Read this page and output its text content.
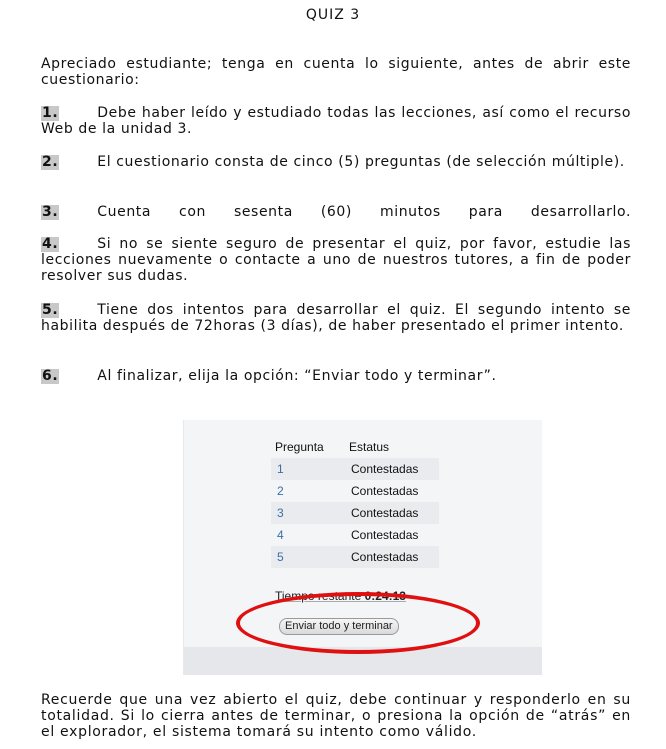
QUIZ 3
Apreciado estudiante; tenga en cuenta lo siguiente, antes de abrir este cuestionario:
1.	Debe haber leído y estudiado todas las lecciones, así como el recurso Web de la unidad 3.
2.	El cuestionario consta de cinco (5) preguntas (de selección múltiple).
3.	Cuenta con sesenta (60) minutos para desarrollarlo.
4.	Si no se siente seguro de presentar el quiz, por favor, estudie las lecciones nuevamente o contacte a uno de nuestros tutores, a fin de poder resolver sus dudas.
5.	Tiene dos intentos para desarrollar el quiz. El segundo intento se habilita después de 72horas (3 días), de haber presentado el primer intento.
6.	Al finalizar, elija la opción: “Enviar todo y terminar”.
Pregunta	Estatus
1	Contestadas
2	Contestadas
3	Contestadas
4	Contestadas
5	Contestadas
Tiempo restante 0:24:13
Enviar todo y terminar
Recuerde que una vez abierto el quiz, debe continuar y responderlo en su totalidad. Si lo cierra antes de terminar, o presiona la opción de “atrás” en el explorador, el sistema tomará su intento como válido.
